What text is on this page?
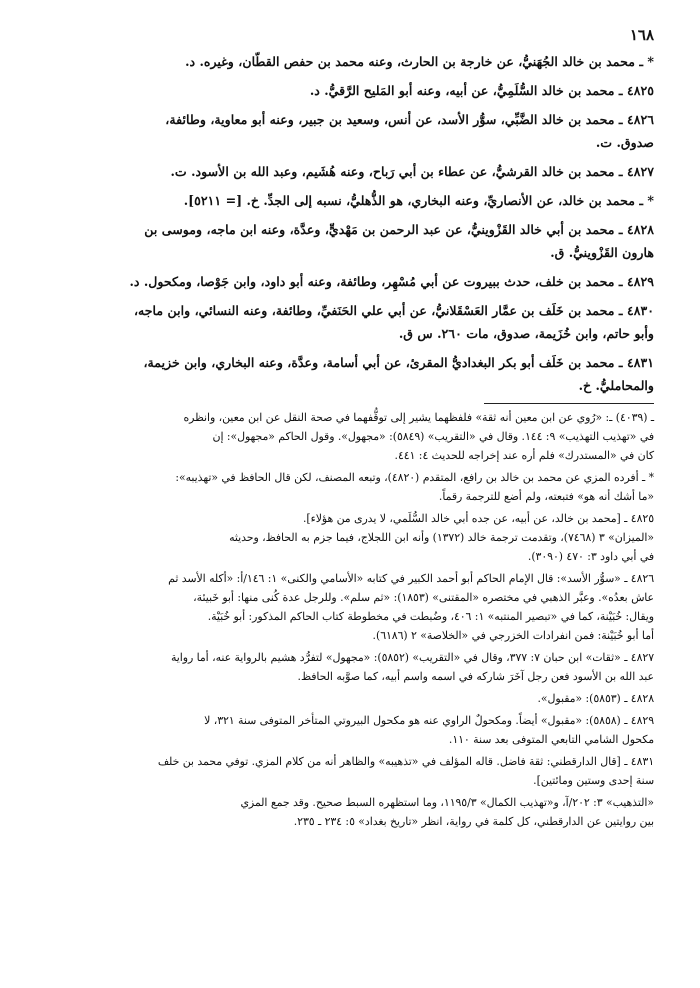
١٦٨
* ـ محمد بن خالد الجُهَنيُّ، عن خارجة بن الحارث، وعنه محمد بن حفص القطّان، وغيره. د.
٤٨٢٥ ـ محمد بن خالد السُّلَمِيُّ، عن أبيه، وعنه أبو المَليح الرَّقيُّ. د.
٤٨٢٦ ـ محمد بن خالد الضَّبِّي، سوُّر الأسد، عن أنس، وسعيد بن جبير، وعنه أبو معاوية، وطائفة،
صدوق. ت.
٤٨٢٧ ـ محمد بن خالد القرشيُّ، عن عطاء بن أبي رَباح، وعنه هُشَيم، وعبد الله بن الأسود. ت.
* ـ محمد بن خالد، عن الأنصاريِّ، وعنه البخاري، هو الذُّهليُّ، نسبه إلى الجدِّ. خ. [= ٥٢١١].
٤٨٢٨ ـ محمد بن أبي خالد القَزْوينيُّ، عن عبد الرحمن بن مَهْديٍّ، وعدَّة، وعنه ابن ماجه، وموسى بن
هارون القَزْوينيُّ. ق.
٤٨٢٩ ـ محمد بن خلف، حدث ببيروت عن أبي مُسْهِر، وطائفة، وعنه أبو داود، وابن جَوْصا، ومكحول. د.
٤٨٣٠ ـ محمد بن خَلَف بن عمَّار العَسْقَلانيُّ، عن أبي علي الحَنَفيِّ، وطائفة، وعنه النسائي، وابن ماجه،
وأبو حاتم، وابن خُزَيمة، صدوق، مات ٢٦٠. س ق.
٤٨٣١ ـ محمد بن خَلَف أبو بكر البغداديُّ المقرئ، عن أبي أسامة، وعدَّة، وعنه البخاري، وابن خزيمة،
والمحامليُّ. خ.
ـ (٤٠٣٩) ـ: «رُوي عن ابن معين أنه ثقة» فلفظهما يشير إلى توقُّفهما في صحة النقل عن ابن معين، وانظره
في «تهذيب التهذيب» ٩: ١٤٤. وقال في «التقريب» (٥٨٤٩): «مجهول». وقول الحاكم «مجهول»: إن
كان في «المستدرك» فلم أره عند إخراجه للحديث ٤: ٤٤١.
* ـ أفرده المزي عن محمد بن خالد بن رافع، المتقدم (٤٨٢٠)، وتبعه المصنف، لكن قال الحافظ في «تهذيبه»:
«ما أشك أنه هو» فتبعته، ولم أضع للترجمة رقماً.
٤٨٢٥ ـ [محمد بن خالد، عن أبيه، عن جده أبي خالد السُّلَمي، لا يدرى من هؤلاء].
«الميزان» ٣ (٧٤٦٨)، وتقدمت ترجمة خالد (١٣٧٢) وأنه ابن اللجلاج، فيما جزم به الحافظ، وحديثه
في أبي داود ٣: ٤٧٠ (٣٠٩٠).
٤٨٢٦ ـ «سوُّر الأسد»: قال الإمام الحاكم أبو أحمد الكبير في كتابه «الأسامي والكنى» ١: ١٤٦/أ: «أكله الأسد ثم
عاش بعدُه». وعبَّر الذهبي في مختصره «المقتنى» (١٨٥٣): «ثم سلم». وللرجل عدة كُنى منها: أبو خَبيئة،
ويقال: خُبَيْنة، كما في «تبصير المنتبه» ١: ٤٠٦، وضُبطت في مخطوطة كتاب الحاكم المذكور: أبو خُبَيْة.
أما أبو خُبَيْنة: فمن انفرادات الخزرجي في «الخلاصة» ٢ (٦١٨٦).
٤٨٢٧ ـ «ثقات» ابن حبان ٧: ٣٧٧، وقال في «التقريب» (٥٨٥٢): «مجهول» لتفرُّد هشيم بالرواية عنه، أما رواية
عبد الله بن الأسود فعن رجل آخَرَ شاركه في اسمه واسم أبيه، كما صوَّبه الحافظ.
٤٨٢٨ ـ (٥٨٥٣): «مقبول».
٤٨٢٩ ـ (٥٨٥٨): «مقبول» أيضاً. ومكحولٌ الراوي عنه هو مكحول البيروتي المتأخر المتوفى سنة ٣٢١، لا
مكحول الشامي التابعي المتوفى بعد سنة ١١٠.
٤٨٣١ ـ [قال الدارقطني: ثقة فاضل. قاله المؤلف في «تذهيبه» والظاهر أنه من كلام المزي. توفي محمد بن خلف
سنة إحدى وستين ومائتين].
«التذهيب» ٣: ٢٠٢/آ، و«تهذيب الكمال» ١١٩٥/٣، وما استظهره السبط صحيح. وقد جمع المزي
بين روايتين عن الدارقطني، كل كلمة في رواية، انظر «تاريخ بغداد» ٥: ٢٣٤ ـ ٢٣٥.
